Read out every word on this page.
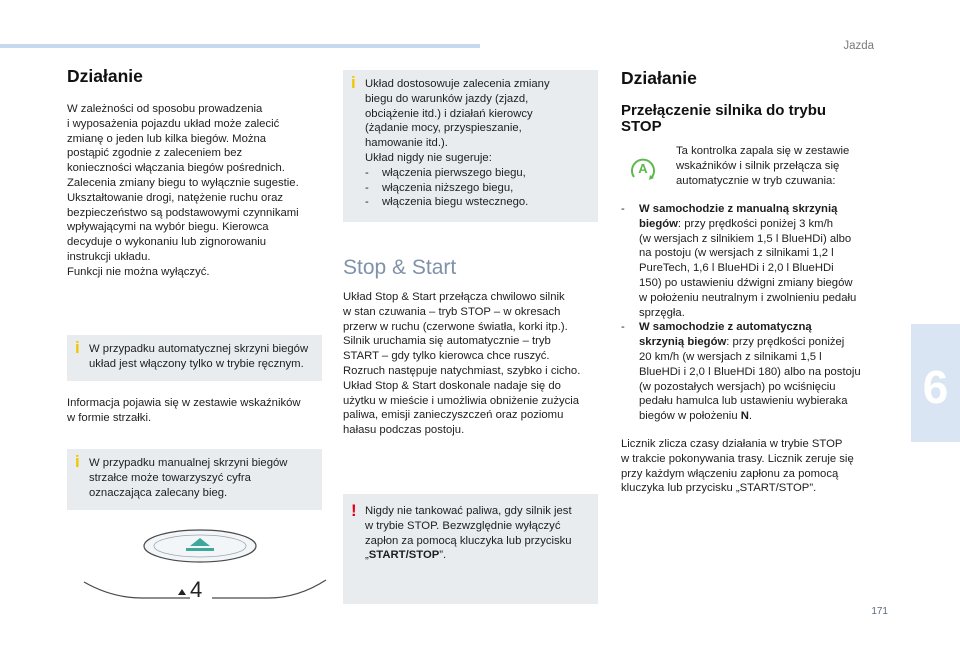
Jazda
6
171
Działanie
W zależności od sposobu prowadzenia
i wyposażenia pojazdu układ może zalecić
zmianę o jeden lub kilka biegów. Można
postąpić zgodnie z zaleceniem bez
konieczności włączania biegów pośrednich.
Zalecenia zmiany biegu to wyłącznie sugestie.
Ukształtowanie drogi, natężenie ruchu oraz
bezpieczeństwo są podstawowymi czynnikami
wpływającymi na wybór biegu. Kierowca
decyduje o wykonaniu lub zignorowaniu
instrukcji układu.
Funkcji nie można wyłączyć.
i W przypadku automatycznej skrzyni biegów
układ jest włączony tylko w trybie ręcznym.
Informacja pojawia się w zestawie wskaźników
w formie strzałki.
i W przypadku manualnej skrzyni biegów
strzałce może towarzyszyć cyfra
oznaczająca zalecany bieg.
4
i Układ dostosowuje zalecenia zmiany
biegu do warunków jazdy (zjazd,
obciążenie itd.) i działań kierowcy
(żądanie mocy, przyspieszanie,
hamowanie itd.).
Układ nigdy nie sugeruje:
- włączenia pierwszego biegu,
- włączenia niższego biegu,
- włączenia biegu wstecznego.
Stop & Start
Układ Stop & Start przełącza chwilowo silnik
w stan czuwania – tryb STOP – w okresach
przerw w ruchu (czerwone światła, korki itp.).
Silnik uruchamia się automatycznie – tryb
START – gdy tylko kierowca chce ruszyć.
Rozruch następuje natychmiast, szybko i cicho.
Układ Stop & Start doskonale nadaje się do
użytku w mieście i umożliwia obniżenie zużycia
paliwa, emisji zanieczyszczeń oraz poziomu
hałasu podczas postoju.
! Nigdy nie tankować paliwa, gdy silnik jest
w trybie STOP. Bezwzględnie wyłączyć
zapłon za pomocą kluczyka lub przycisku
„START/STOP”.
Działanie
Przełączenie silnika do trybu
STOP
A
Ta kontrolka zapala się w zestawie
wskaźników i silnik przełącza się
automatycznie w tryb czuwania:
- W samochodzie z manualną skrzynią
biegów: przy prędkości poniżej 3 km/h
(w wersjach z silnikiem 1,5 l BlueHDi) albo
na postoju (w wersjach z silnikami 1,2 l
PureTech, 1,6 l BlueHDi i 2,0 l BlueHDi
150) po ustawieniu dźwigni zmiany biegów
w położeniu neutralnym i zwolnieniu pedału
sprzęgła.
- W samochodzie z automatyczną
skrzynią biegów: przy prędkości poniżej
20 km/h (w wersjach z silnikami 1,5 l
BlueHDi i 2,0 l BlueHDi 180) albo na postoju
(w pozostałych wersjach) po wciśnięciu
pedału hamulca lub ustawieniu wybieraka
biegów w położeniu N.
Licznik zlicza czasy działania w trybie STOP
w trakcie pokonywania trasy. Licznik zeruje się
przy każdym włączeniu zapłonu za pomocą
kluczyka lub przycisku „START/STOP”.
